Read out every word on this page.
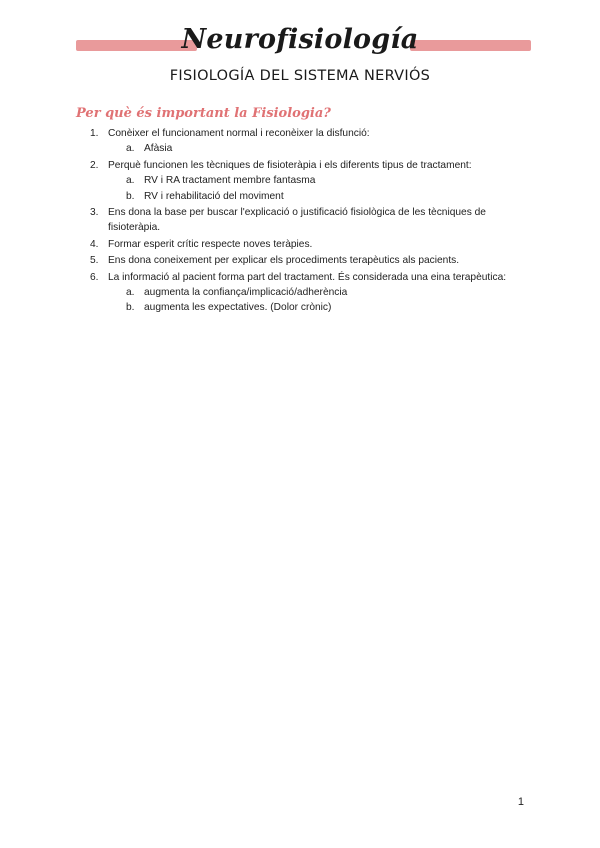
Neurofisiología
FISIOLOGÍA DEL SISTEMA NERVIÓS
Per què és important la Fisiologia?
1. Conèixer el funcionament normal i reconèixer la disfunció:
a. Afàsia
2. Perquè funcionen les tècniques de fisioteràpia i els diferents tipus de tractament:
a. RV i RA tractament membre fantasma
b. RV i rehabilitació del moviment
3. Ens dona la base per buscar l'explicació o justificació fisiològica de les tècniques de fisioteràpia.
4. Formar esperit crític respecte noves teràpies.
5. Ens dona coneixement per explicar els procediments terapèutics als pacients.
6. La informació al pacient forma part del tractament. És considerada una eina terapèutica:
a. augmenta la confiança/implicació/adherència
b. augmenta les expectatives. (Dolor crònic)
1
